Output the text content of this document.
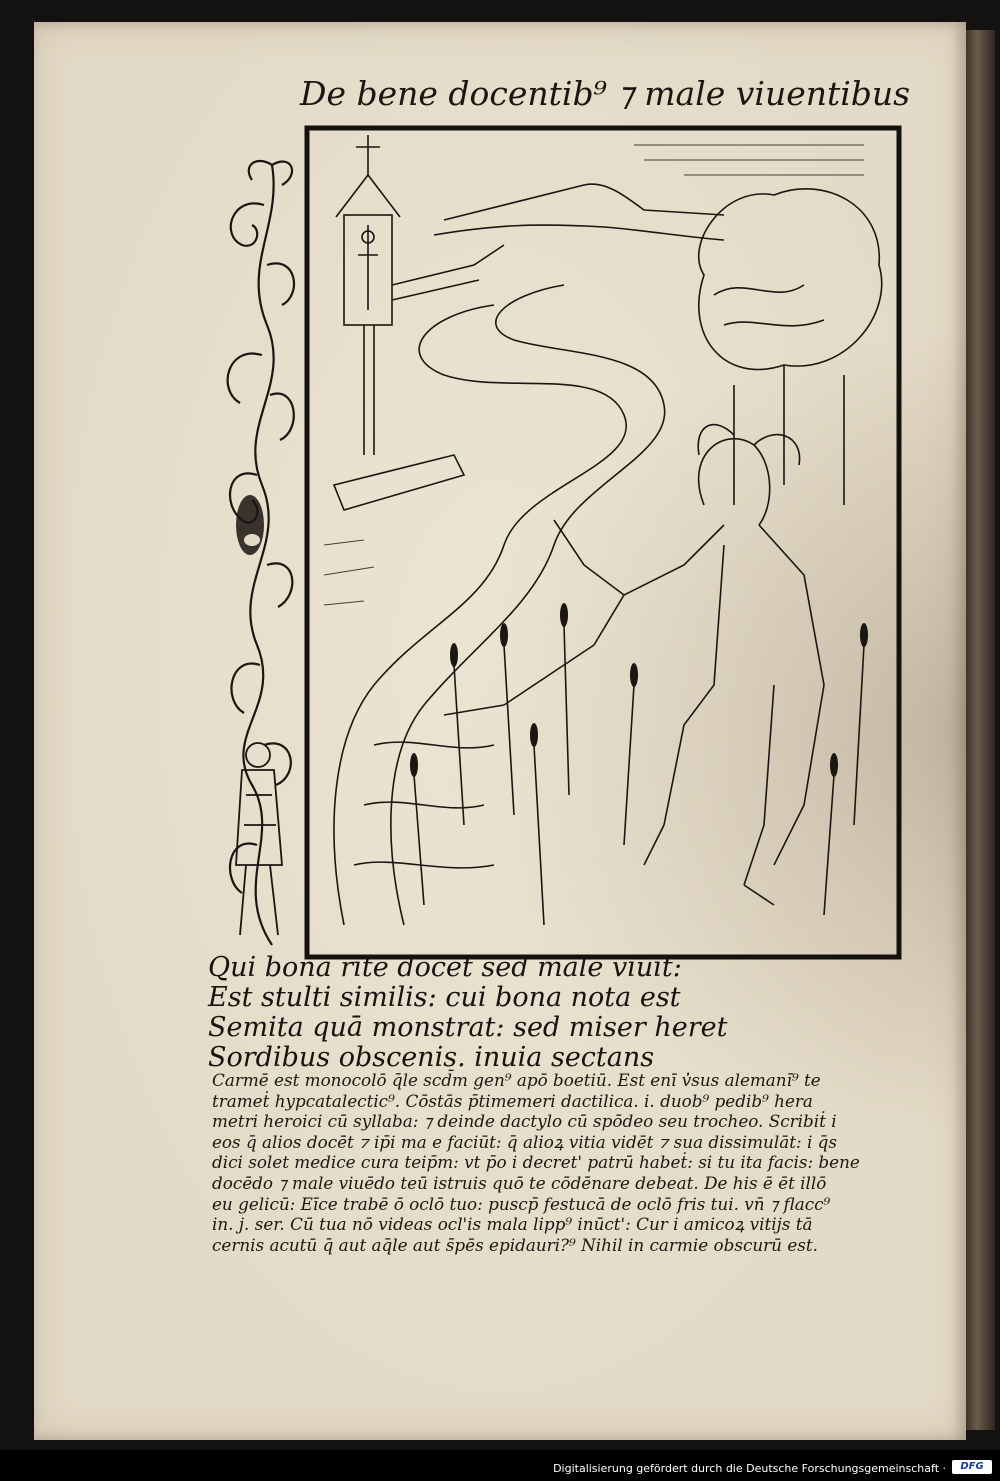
De bene docentib⁹ ⁊ male viuentibus
Qui bona rite docet sed male viuit:
Est stulti similis: cui bona nota est
Semita quā monstrat: sed miser heret
Sordibus obscenis. inuia sectans
Carmē est monocolō q̄le scd̄m gen⁹ apō boetiū. Est enī v̓sus alemanı̄⁹ te
trameṫ hypcatalectic⁹. Cōstās p̄timemeri dactilica. i. duob⁹ pedib⁹ hera
metri heroici cū syllaba: ⁊ deinde dactylo cū spōdeo seu trocheo. Scribiṫ i
eos q̄ alios docēt ⁊ ip̄i ma e faciūt: q̄ alioꝝ vitia vidēt ⁊ sua dissimulāt: i q̄s
dici solet medice cura teip̄m: vt p̄o i decret' patrū habeṫ: si tu ita facis: bene
docēdo ⁊ male viuēdo teū istruis quō te cōdēnare debeat. De his ē ēt illō
eu gelicū: Eīce trabē ō oclō tuo: puscp̄ festucā de oclō fris tui. vn̄ ⁊ flacc⁹
in. j. ser. Cū tua nō videas ocl'is mala lipp⁹ inūct': Cur i amicoꝝ vitijs tā
cernis acutū q̄ aut aq̄le aut s̄pēs epidauri?⁹ Nihil in carmie obscurū est.
Digitalisierung gefördert durch die Deutsche Forschungsgemeinschaft ·	DFG
